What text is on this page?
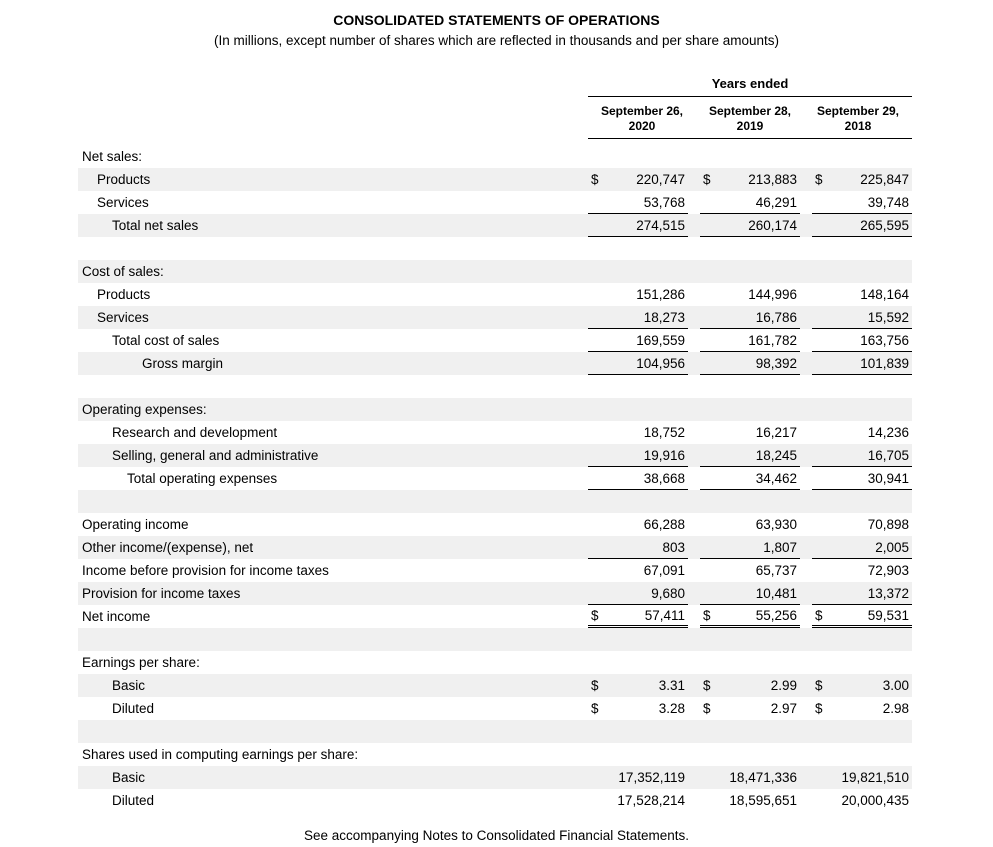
CONSOLIDATED STATEMENTS OF OPERATIONS
(In millions, except number of shares which are reflected in thousands and per share amounts)

	Years ended		

September 26,
2020
September 28,
2019
September 29,
2018

Net sales:	

Products	$ 220,747	$ 213,883	$ 225,847

Services	53,768	46,291	39,748

Total net sales	274,515	260,174	265,595

Cost of sales:	

Products	151,286	144,996	148,164

Services	18,273	16,786	15,592

Total cost of sales	169,559	161,782	163,756

Gross margin	104,956	98,392	101,839

Operating expenses:	

Research and development	18,752	16,217	14,236

Selling, general and administrative	19,916	18,245	16,705

Total operating expenses	38,668	34,462	30,941

Operating income	66,288	63,930	70,898

Other income/(expense), net	803	1,807	2,005

Income before provision for income taxes	67,091	65,737	72,903

Provision for income taxes	9,680	10,481	13,372

Net income	$ 57,411	$ 55,256	$ 59,531

Earnings per share:	

Basic	$ 3.31	$ 2.99	$ 3.00

Diluted	$ 3.28	$ 2.97	$ 2.98

Shares used in computing earnings per share:	

Basic	17,352,119	18,471,336	19,821,510

Diluted	17,528,214	18,595,651	20,000,435
See accompanying Notes to Consolidated Financial Statements.
